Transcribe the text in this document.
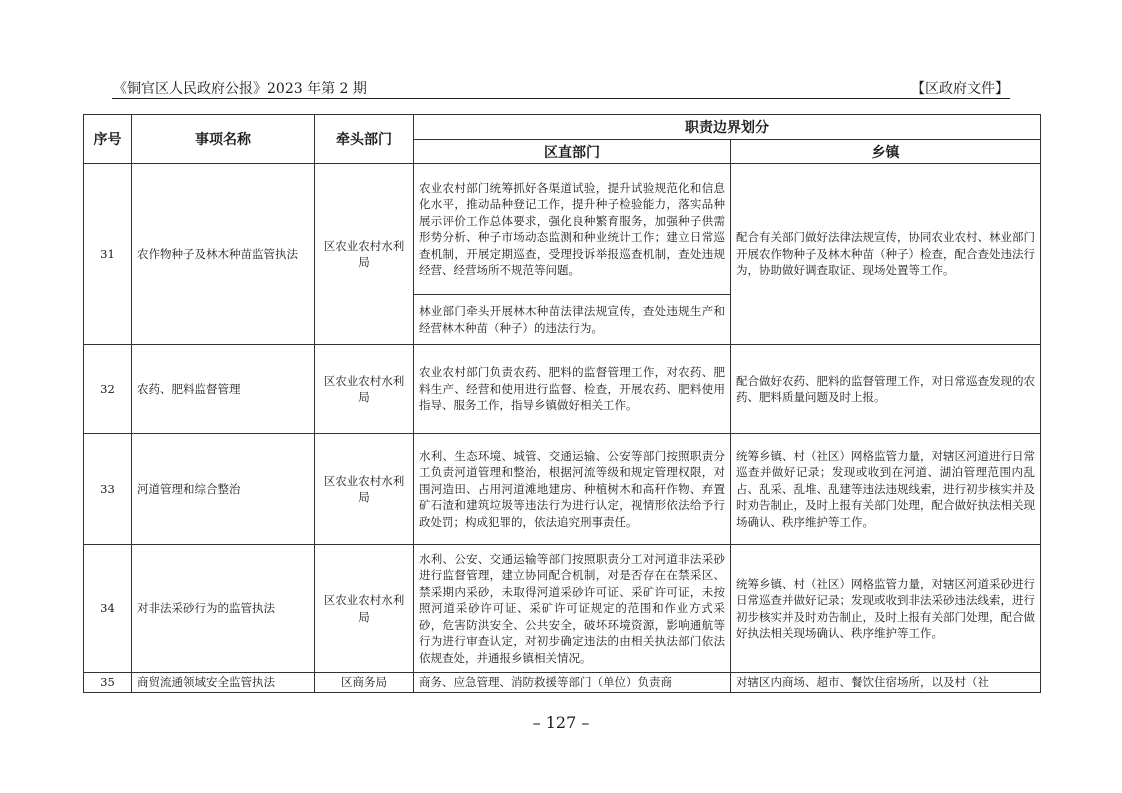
《铜官区人民政府公报》2023 年第 2 期	【区政府文件】
序号	事项名称	牵头部门	职责边界划分	
			区直部门	乡镇
31	农作物种子及林木种苗监管执法	区农业农村水利局	农业农村部门统筹抓好各渠道试验，提升试验规范化和信息化水平，推动品种登记工作，提升种子检验能力，落实品种展示评价工作总体要求，强化良种繁育服务，加强种子供需形势分析、种子市场动态监测和种业统计工作；建立日常巡查机制，开展定期巡查，受理投诉举报巡查机制，查处违规经营、经营场所不规范等问题。	配合有关部门做好法律法规宣传，协同农业农村、林业部门开展农作物种子及林木种苗（种子）检查，配合查处违法行为，协助做好调查取证、现场处置等工作。
			林业部门牵头开展林木种苗法律法规宣传，查处违规生产和经营林木种苗（种子）的违法行为。	
32	农药、肥料监督管理	区农业农村水利局	农业农村部门负责农药、肥料的监督管理工作，对农药、肥料生产、经营和使用进行监督、检查，开展农药、肥料使用指导、服务工作，指导乡镇做好相关工作。	配合做好农药、肥料的监督管理工作，对日常巡查发现的农药、肥料质量问题及时上报。
33	河道管理和综合整治	区农业农村水利局	水利、生态环境、城管、交通运输、公安等部门按照职责分工负责河道管理和整治，根据河流等级和规定管理权限，对围河造田、占用河道滩地建房、种植树木和高秆作物、弃置矿石渣和建筑垃圾等违法行为进行认定，视情形依法给予行政处罚；构成犯罪的，依法追究刑事责任。	统筹乡镇、村（社区）网格监管力量，对辖区河道进行日常巡查并做好记录；发现或收到在河道、湖泊管理范围内乱占、乱采、乱堆、乱建等违法违规线索，进行初步核实并及时劝告制止，及时上报有关部门处理，配合做好执法相关现场确认、秩序维护等工作。
34	对非法采砂行为的监管执法	区农业农村水利局	水利、公安、交通运输等部门按照职责分工对河道非法采砂进行监督管理，建立协同配合机制，对是否存在在禁采区、禁采期内采砂，未取得河道采砂许可证、采矿许可证，未按照河道采砂许可证、采矿许可证规定的范围和作业方式采砂，危害防洪安全、公共安全，破坏环境资源，影响通航等行为进行审查认定，对初步确定违法的由相关执法部门依法依规查处，并通报乡镇相关情况。	统筹乡镇、村（社区）网格监管力量，对辖区河道采砂进行日常巡查并做好记录；发现或收到非法采砂违法线索，进行初步核实并及时劝告制止，及时上报有关部门处理，配合做好执法相关现场确认、秩序维护等工作。
35	商贸流通领域安全监管执法	区商务局	商务、应急管理、消防救援等部门（单位）负责商	对辖区内商场、超市、餐饮住宿场所，以及村（社
– 127 –
